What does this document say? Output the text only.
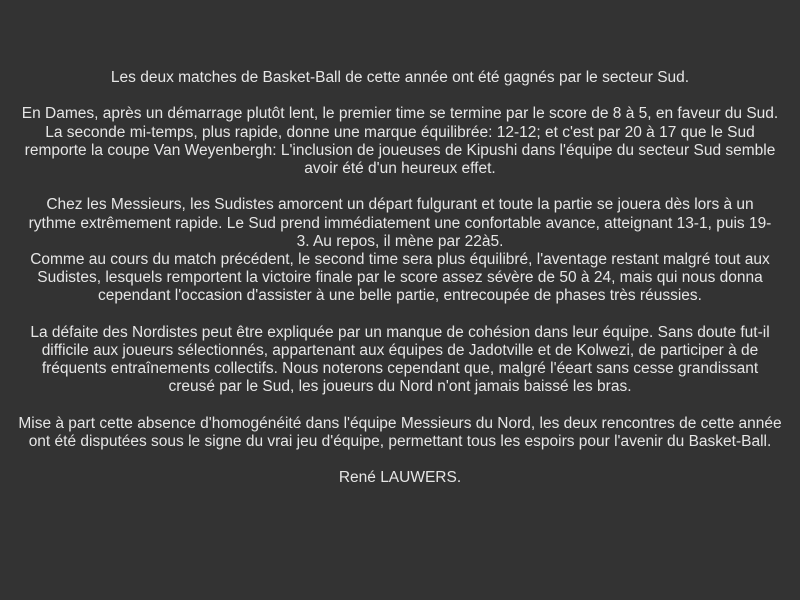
Les deux matches de Basket-Ball de cette année ont été gagnés par le secteur Sud.

En Dames, après un démarrage plutôt lent, le premier time se termine par le score de 8 à 5, en faveur du Sud. La seconde mi-temps, plus rapide, donne une marque équilibrée: 12-12; et c'est par 20 à 17 que le Sud remporte la coupe Van Weyenbergh: L'inclusion de joueuses de Kipushi dans l'équipe du secteur Sud semble avoir été d'un heureux effet.

Chez les Messieurs, les Sudistes amorcent un départ fulgurant et toute la partie se jouera dès lors à un rythme extrêmement rapide. Le Sud prend immédiatement une confortable avance, atteignant 13-1, puis 19-3. Au repos, il mène par 22à5.
Comme au cours du match précédent, le second time sera plus équilibré, l'aventage restant malgré tout aux Sudistes, lesquels remportent la victoire finale par le score assez sévère de 50 à 24, mais qui nous donna cependant l'occasion d'assister à une belle partie, entrecoupée de phases très réussies.

La défaite des Nordistes peut être expliquée par un manque de cohésion dans leur équipe. Sans doute fut-il difficile aux joueurs sélectionnés, appartenant aux équipes de Jadotville et de Kolwezi, de participer à de fréquents entraînements collectifs. Nous noterons cependant que, malgré l'éeart sans cesse grandissant creusé par le Sud, les joueurs du Nord n'ont jamais baissé les bras.

Mise à part cette absence d'homogénéité dans l'équipe Messieurs du Nord, les deux rencontres de cette année ont été disputées sous le signe du vrai jeu d'équipe, permettant tous les espoirs pour l'avenir du Basket-Ball.

René LAUWERS.
